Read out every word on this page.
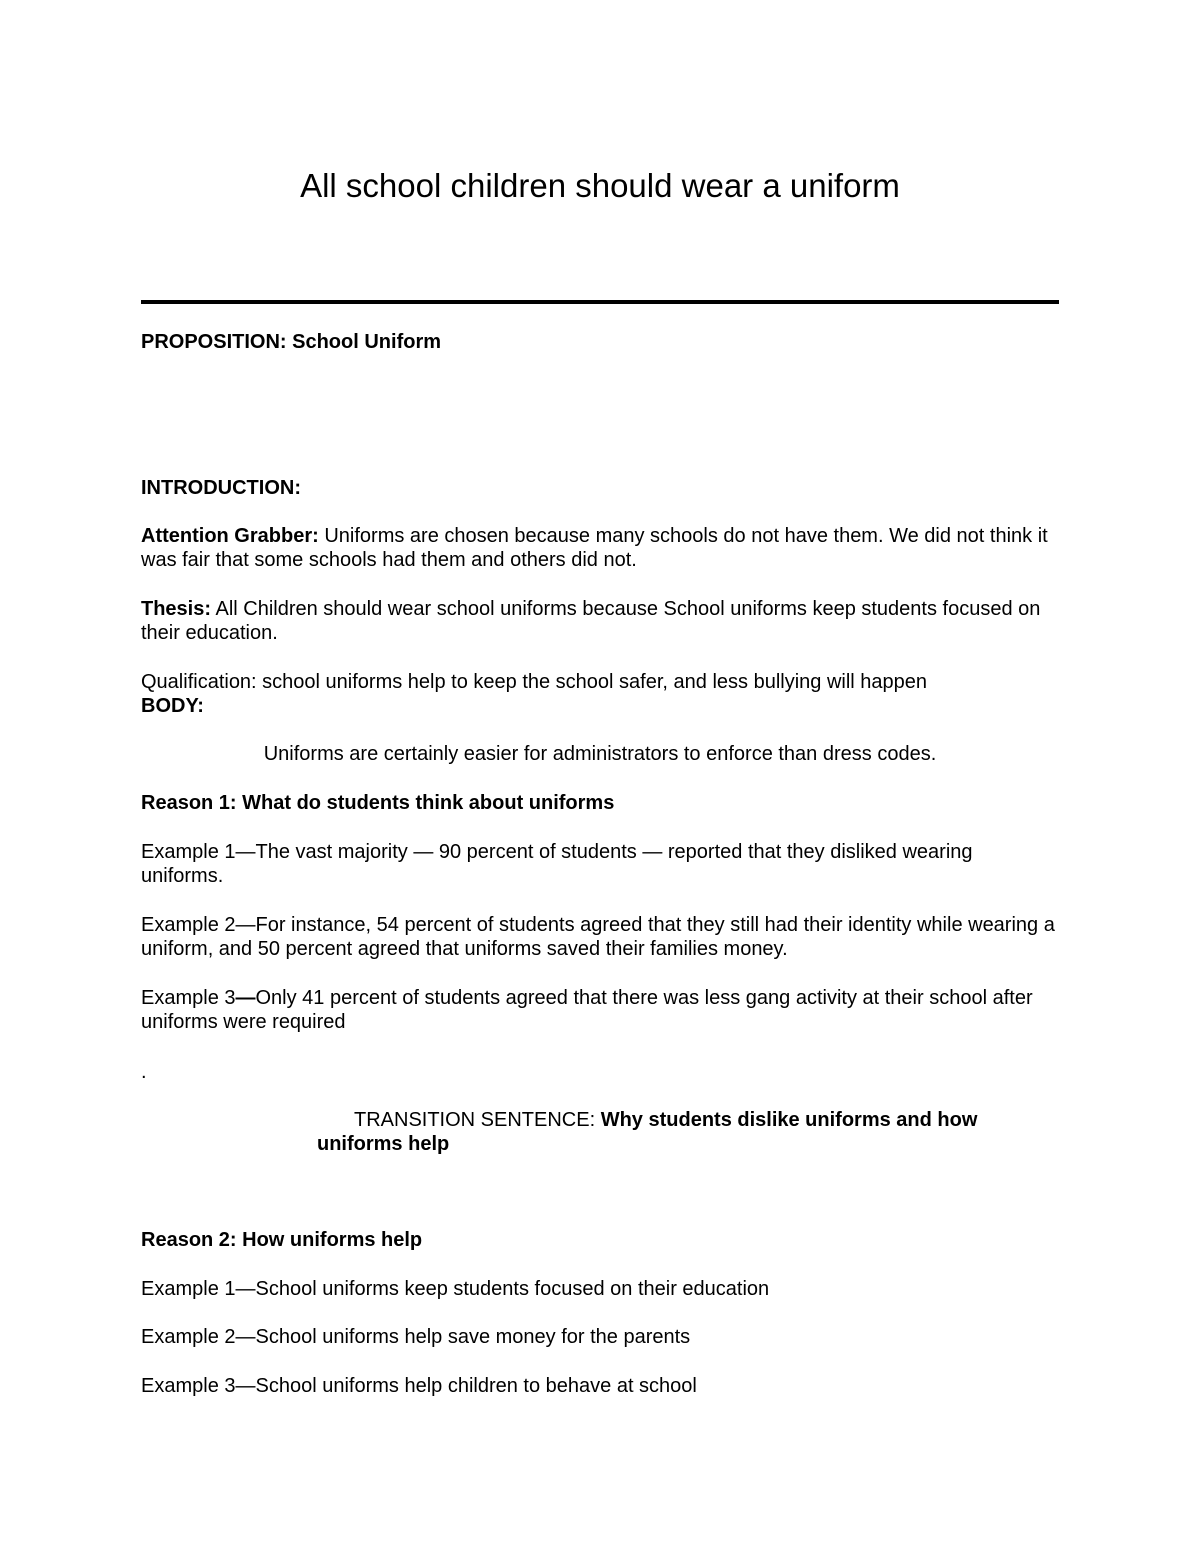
All school children should wear a uniform

PROPOSITION: School Uniform

INTRODUCTION:

Attention Grabber: Uniforms are chosen because many schools do not have them. We did not think it was fair that some schools had them and others did not.

Thesis: All Children should wear school uniforms because School uniforms keep students focused on their education.

Qualification: school uniforms help to keep the school safer, and less bullying will happen

BODY:

Uniforms are certainly easier for administrators to enforce than dress codes.

Reason 1: What do students think about uniforms

Example 1—The vast majority — 90 percent of students — reported that they disliked wearing uniforms.

Example 2—For instance, 54 percent of students agreed that they still had their identity while wearing a uniform, and 50 percent agreed that uniforms saved their families money.

Example 3—Only 41 percent of students agreed that there was less gang activity at their school after uniforms were required

.

TRANSITION SENTENCE: Why students dislike uniforms and how uniforms help

Reason 2: How uniforms help

Example 1—School uniforms keep students focused on their education

Example 2—School uniforms help save money for the parents

Example 3—School uniforms help children to behave at school
